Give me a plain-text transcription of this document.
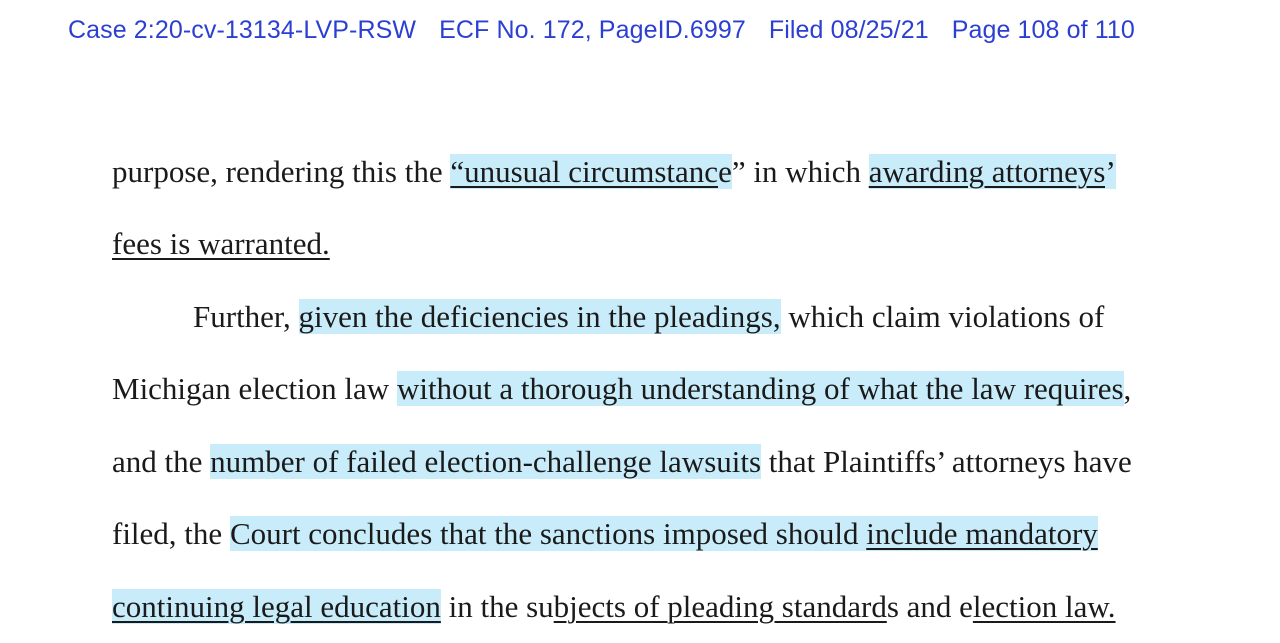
Case 2:20-cv-13134-LVP-RSW ECF No. 172, PageID.6997 Filed 08/25/21 Page 108 of 110
purpose, rendering this the “unusual circumstance” in which awarding attorneys’
fees is warranted.
Further, given the deficiencies in the pleadings, which claim violations of
Michigan election law without a thorough understanding of what the law requires,
and the number of failed election-challenge lawsuits that Plaintiffs’ attorneys have
filed, the Court concludes that the sanctions imposed should include mandatory
continuing legal education in the subjects of pleading standards and election law.
